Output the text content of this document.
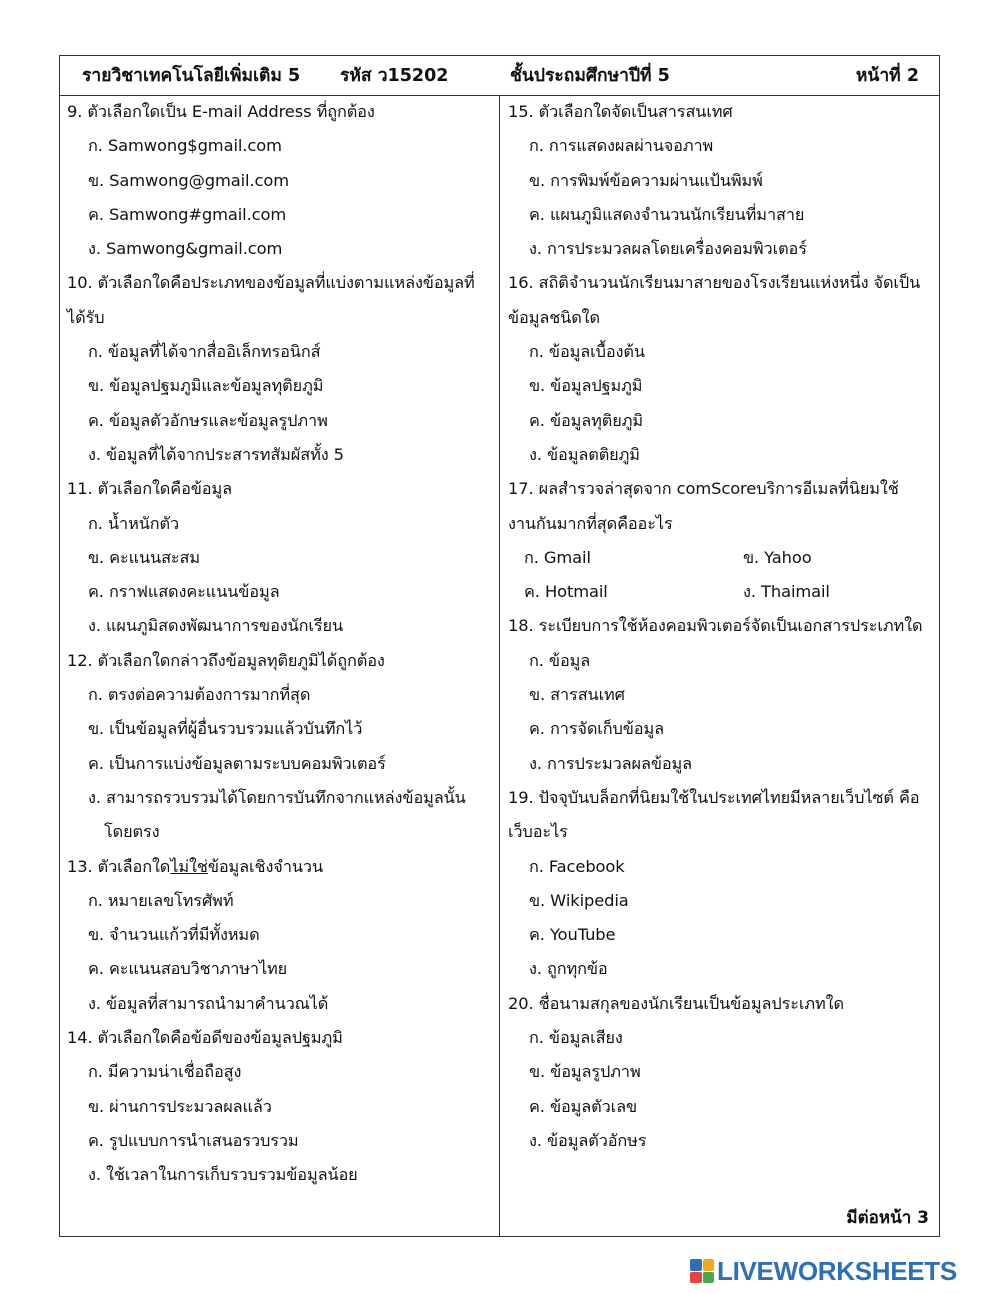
รายวิชาเทคโนโลยีเพิ่มเติม 5 รหัส ว15202	ชั้นประถมศึกษาปีที่ 5	หน้าที่ 2
9. ตัวเลือกใดเป็น E-mail Address ที่ถูกต้อง
ก. Samwong$gmail.com
ข. Samwong@gmail.com
ค. Samwong#gmail.com
ง. Samwong&gmail.com
10. ตัวเลือกใดคือประเภทของข้อมูลที่แบ่งตามแหล่งข้อมูลที่
ได้รับ
ก. ข้อมูลที่ได้จากสื่ออิเล็กทรอนิกส์
ข. ข้อมูลปฐมภูมิและข้อมูลทุติยภูมิ
ค. ข้อมูลตัวอักษรและข้อมูลรูปภาพ
ง. ข้อมูลที่ได้จากประสารทสัมผัสทั้ง 5
11. ตัวเลือกใดคือข้อมูล
ก. น้ำหนักตัว
ข. คะแนนสะสม
ค. กราฟแสดงคะแนนข้อมูล
ง. แผนภูมิสดงพัฒนาการของนักเรียน
12. ตัวเลือกใดกล่าวถึงข้อมูลทุติยภูมิได้ถูกต้อง
ก. ตรงต่อความต้องการมากที่สุด
ข. เป็นข้อมูลที่ผู้อื่นรวบรวมแล้วบันทึกไว้
ค. เป็นการแบ่งข้อมูลตามระบบคอมพิวเตอร์
ง. สามารถรวบรวมได้โดยการบันทึกจากแหล่งข้อมูลนั้น
โดยตรง
13. ตัวเลือกใดไม่ใช่ข้อมูลเชิงจำนวน
ก. หมายเลขโทรศัพท์
ข. จำนวนแก้วที่มีทั้งหมด
ค. คะแนนสอบวิชาภาษาไทย
ง. ข้อมูลที่สามารถนำมาคำนวณได้
14. ตัวเลือกใดคือข้อดีของข้อมูลปฐมภูมิ
ก. มีความน่าเชื่อถือสูง
ข. ผ่านการประมวลผลแล้ว
ค. รูปแบบการนำเสนอรวบรวม
ง. ใช้เวลาในการเก็บรวบรวมข้อมูลน้อย
15. ตัวเลือกใดจัดเป็นสารสนเทศ
ก. การแสดงผลผ่านจอภาพ
ข. การพิมพ์ข้อความผ่านแป้นพิมพ์
ค. แผนภูมิแสดงจำนวนนักเรียนที่มาสาย
ง. การประมวลผลโดยเครื่องคอมพิวเตอร์
16. สถิติจำนวนนักเรียนมาสายของโรงเรียนแห่งหนึ่ง จัดเป็น
ข้อมูลชนิดใด
ก. ข้อมูลเบื้องต้น
ข. ข้อมูลปฐมภูมิ
ค. ข้อมูลทุติยภูมิ
ง. ข้อมูลตติยภูมิ
17. ผลสำรวจล่าสุดจาก comScoreบริการอีเมลที่นิยมใช้
งานกันมากที่สุดคืออะไร
ก. Gmail	ข. Yahoo
ค. Hotmail	ง. Thaimail
18. ระเบียบการใช้ห้องคอมพิวเตอร์จัดเป็นเอกสารประเภทใด
ก. ข้อมูล
ข. สารสนเทศ
ค. การจัดเก็บข้อมูล
ง. การประมวลผลข้อมูล
19. ปัจจุบันบล็อกที่นิยมใช้ในประเทศไทยมีหลายเว็บไซต์ คือ
เว็บอะไร
ก. Facebook
ข. Wikipedia
ค. YouTube
ง. ถูกทุกข้อ
20. ชื่อนามสกุลของนักเรียนเป็นข้อมูลประเภทใด
ก. ข้อมูลเสียง
ข. ข้อมูลรูปภาพ
ค. ข้อมูลตัวเลข
ง. ข้อมูลตัวอักษร
มีต่อหน้า 3
LIVEWORKSHEETS
